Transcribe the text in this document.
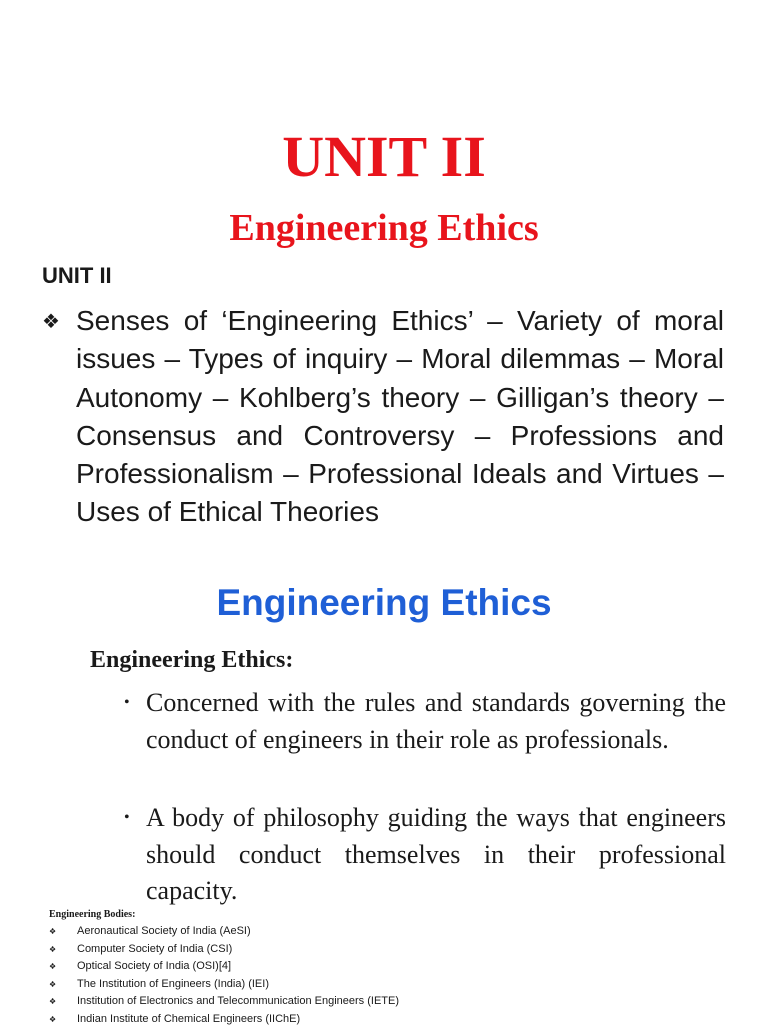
UNIT II
Engineering Ethics
UNIT II
❖ Senses of ‘Engineering Ethics’ – Variety of moral issues – Types of inquiry – Moral dilemmas – Moral Autonomy – Kohlberg’s theory – Gilligan’s theory – Consensus and Controversy – Professions and Professionalism – Professional Ideals and Virtues – Uses of Ethical Theories

Engineering Ethics
Engineering Ethics:
• Concerned with the rules and standards governing the conduct of engineers in their role as professionals.
• A body of philosophy guiding the ways that engineers should conduct themselves in their professional capacity.
Engineering Bodies:
❖	Aeronautical Society of India (AeSI)
❖	Computer Society of India (CSI)
❖	Optical Society of India (OSI)[4]
❖	The Institution of Engineers (India) (IEI)
❖	Institution of Electronics and Telecommunication Engineers (IETE)
❖	Indian Institute of Chemical Engineers (IIChE)
